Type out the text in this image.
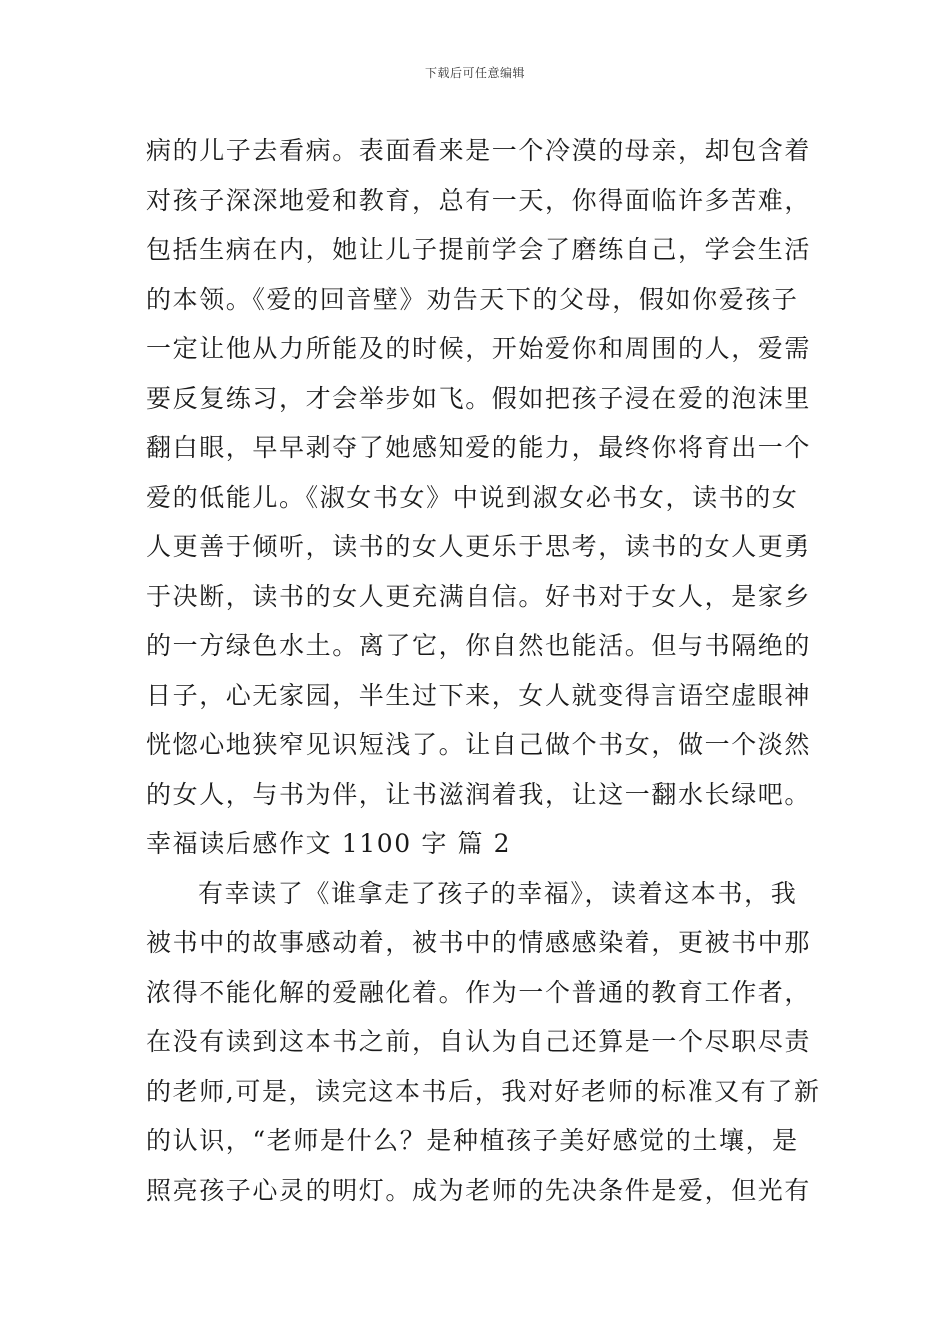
下载后可任意编辑
病的儿子去看病。表面看来是一个冷漠的母亲，却包含着
对孩子深深地爱和教育，总有一天，你得面临许多苦难，
包括生病在内，她让儿子提前学会了磨练自己，学会生活
的本领。《爱的回音壁》劝告天下的父母，假如你爱孩子
一定让他从力所能及的时候，开始爱你和周围的人，爱需
要反复练习，才会举步如飞。假如把孩子浸在爱的泡沫里
翻白眼，早早剥夺了她感知爱的能力，最终你将育出一个
爱的低能儿。《淑女书女》中说到淑女必书女，读书的女
人更善于倾听，读书的女人更乐于思考，读书的女人更勇
于决断，读书的女人更充满自信。好书对于女人，是家乡
的一方绿色水土。离了它，你自然也能活。但与书隔绝的
日子，心无家园，半生过下来，女人就变得言语空虚眼神
恍惚心地狭窄见识短浅了。让自己做个书女，做一个淡然
的女人，与书为伴，让书滋润着我，让这一翻水长绿吧。
幸福读后感作文 1100 字 篇 2
有幸读了《谁拿走了孩子的幸福》，读着这本书，我
被书中的故事感动着，被书中的情感感染着，更被书中那
浓得不能化解的爱融化着。作为一个普通的教育工作者，
在没有读到这本书之前，自认为自己还算是一个尽职尽责
的老师,可是，读完这本书后，我对好老师的标准又有了新
的认识，“老师是什么？是种植孩子美好感觉的土壤，是
照亮孩子心灵的明灯。成为老师的先决条件是爱，但光有
